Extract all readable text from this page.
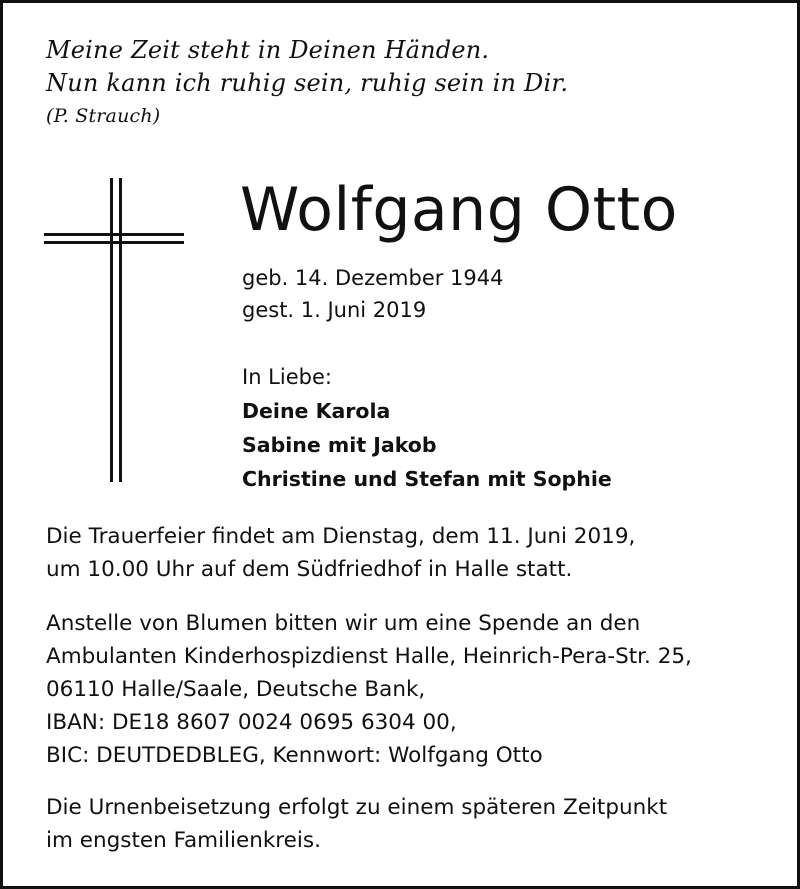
Meine Zeit steht in Deinen Händen.
Nun kann ich ruhig sein, ruhig sein in Dir.
(P. Strauch)
Wolfgang Otto
geb. 14. Dezember 1944
gest. 1. Juni 2019
In Liebe:
Deine Karola
Sabine mit Jakob
Christine und Stefan mit Sophie
Die Trauerfeier findet am Dienstag, dem 11. Juni 2019,
um 10.00 Uhr auf dem Südfriedhof in Halle statt.
Anstelle von Blumen bitten wir um eine Spende an den
Ambulanten Kinderhospizdienst Halle, Heinrich-Pera-Str. 25,
06110 Halle/Saale, Deutsche Bank,
IBAN: DE18 8607 0024 0695 6304 00,
BIC: DEUTDEDBLEG, Kennwort: Wolfgang Otto
Die Urnenbeisetzung erfolgt zu einem späteren Zeitpunkt
im engsten Familienkreis.
